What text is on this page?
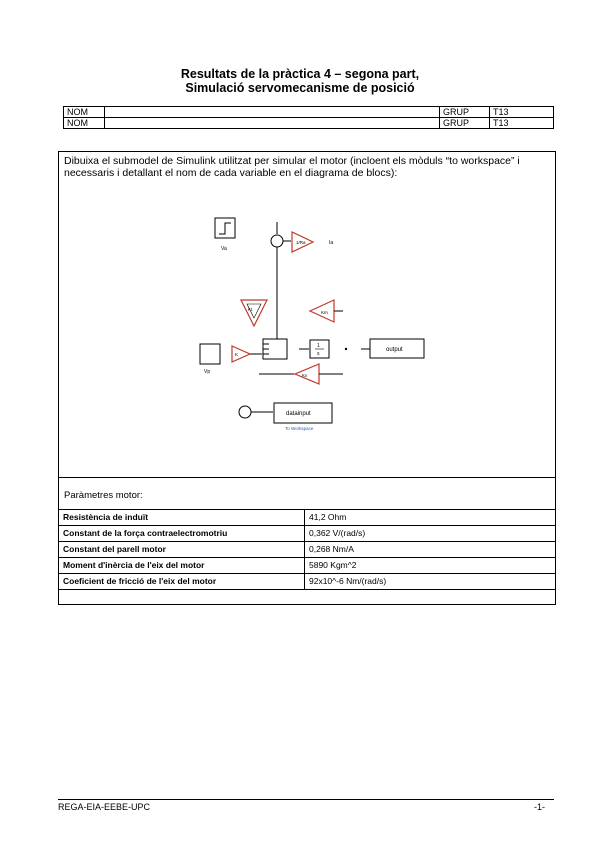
Resultats de la pràctica 4 – segona part,
Simulació servomecanisme de posició
NOM		GRUP	T13
NOM		GRUP	T13
Dibuixa el submodel de Simulink utilitzat per simular el motor (incloent els mòduls “to workspace” i necessaris i detallant el nom de cada variable en el diagrama de blocs):
Va
1/Ra	Ia
Kt
Km
Vp
K
1
s
output
Kv
datainput
To Workspace
Paràmetres motor:
Resistència de induït	41,2 Ohm
Constant de la força contraelectromotriu	0,362 V/(rad/s)
Constant del parell motor	0,268 Nm/A
Moment d'inèrcia de l'eix del motor	5890 Kgm^2
Coeficient de fricció de l'eix del motor	92x10^-6 Nm/(rad/s)
REGA-EIA-EEBE-UPC	-1-
